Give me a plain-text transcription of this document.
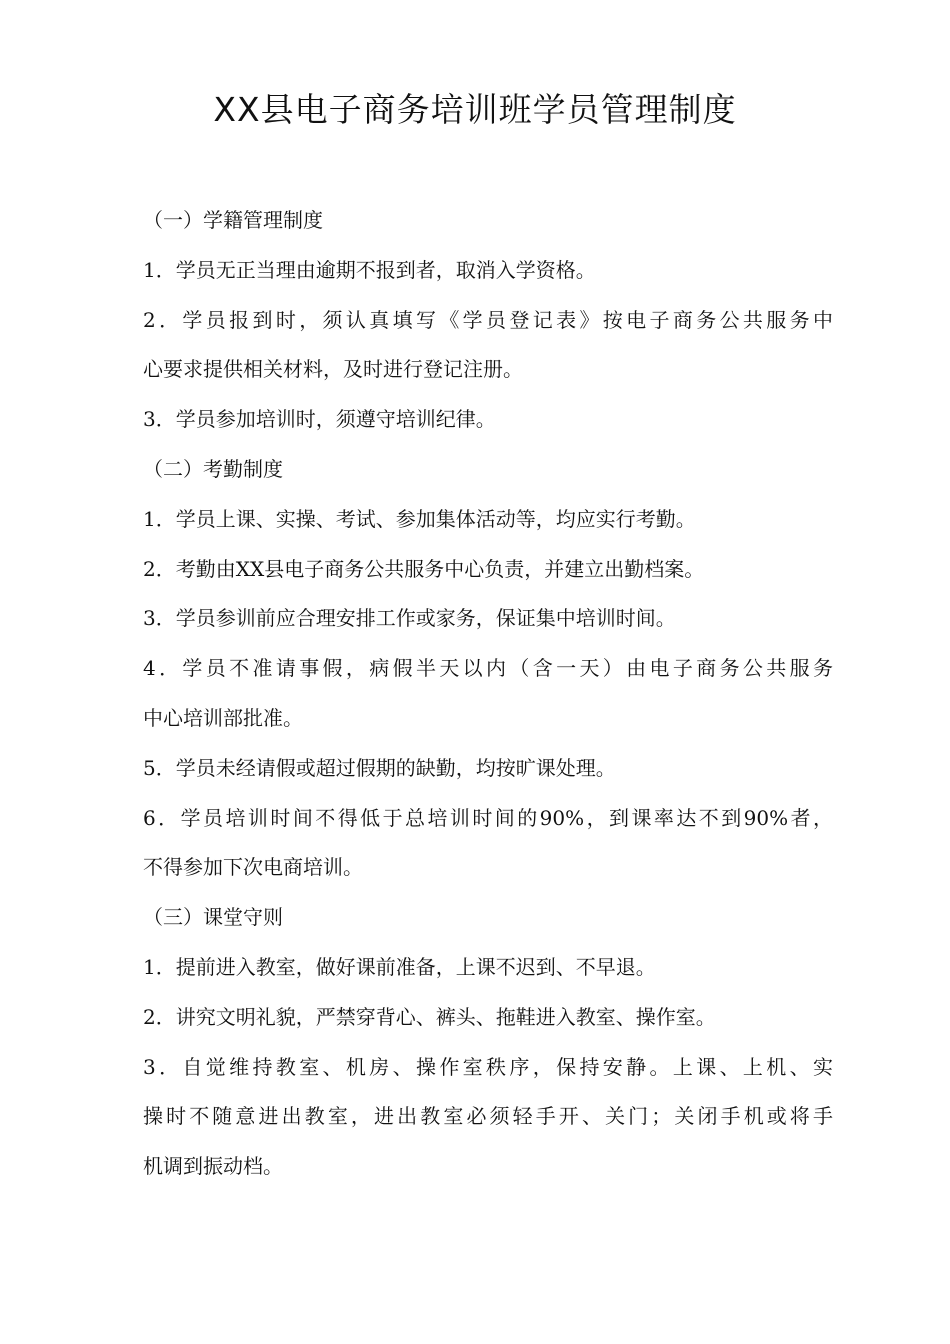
XX县电子商务培训班学员管理制度

（一）学籍管理制度

1．学员无正当理由逾期不报到者，取消入学资格。

2．学员报到时，须认真填写《学员登记表》按电子商务公共服务中

心要求提供相关材料，及时进行登记注册。

3．学员参加培训时，须遵守培训纪律。

（二）考勤制度

1．学员上课、实操、考试、参加集体活动等，均应实行考勤。

2．考勤由XX县电子商务公共服务中心负责，并建立出勤档案。

3．学员参训前应合理安排工作或家务，保证集中培训时间。

4．学员不准请事假，病假半天以内（含一天）由电子商务公共服务

中心培训部批准。

5．学员未经请假或超过假期的缺勤，均按旷课处理。

6．学员培训时间不得低于总培训时间的90%，到课率达不到90%者，

不得参加下次电商培训。

（三）课堂守则

1．提前进入教室，做好课前准备，上课不迟到、不早退。

2．讲究文明礼貌，严禁穿背心、裤头、拖鞋进入教室、操作室。

3．自觉维持教室、机房、操作室秩序，保持安静。上课、上机、实

操时不随意进出教室，进出教室必须轻手开、关门；关闭手机或将手

机调到振动档。
